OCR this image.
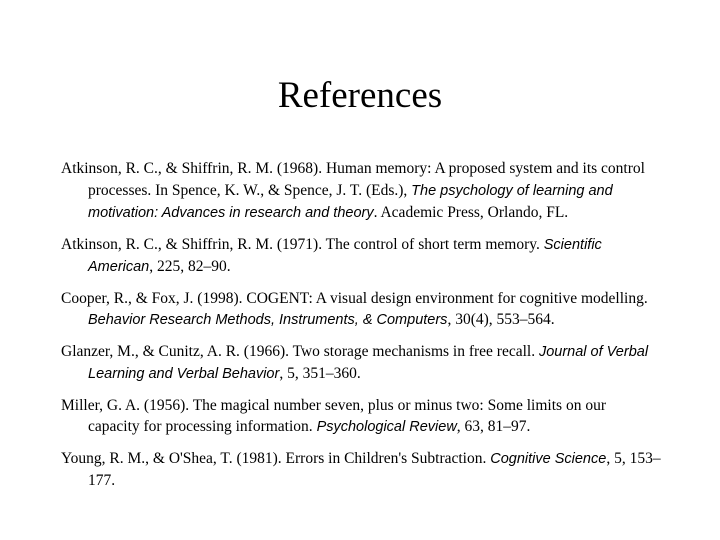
References

Atkinson, R. C., & Shiffrin, R. M. (1968). Human memory: A proposed system and its control processes. In Spence, K. W., & Spence, J. T. (Eds.), The psychology of learning and motivation: Advances in research and theory. Academic Press, Orlando, FL.

Atkinson, R. C., & Shiffrin, R. M. (1971). The control of short term memory. Scientific American, 225, 82–90.

Cooper, R., & Fox, J. (1998). COGENT: A visual design environment for cognitive modelling. Behavior Research Methods, Instruments, & Computers, 30(4), 553–564.

Glanzer, M., & Cunitz, A. R. (1966). Two storage mechanisms in free recall. Journal of Verbal Learning and Verbal Behavior, 5, 351–360.

Miller, G. A. (1956). The magical number seven, plus or minus two: Some limits on our capacity for processing information. Psychological Review, 63, 81–97.

Young, R. M., & O'Shea, T. (1981). Errors in Children's Subtraction. Cognitive Science, 5, 153–177.
